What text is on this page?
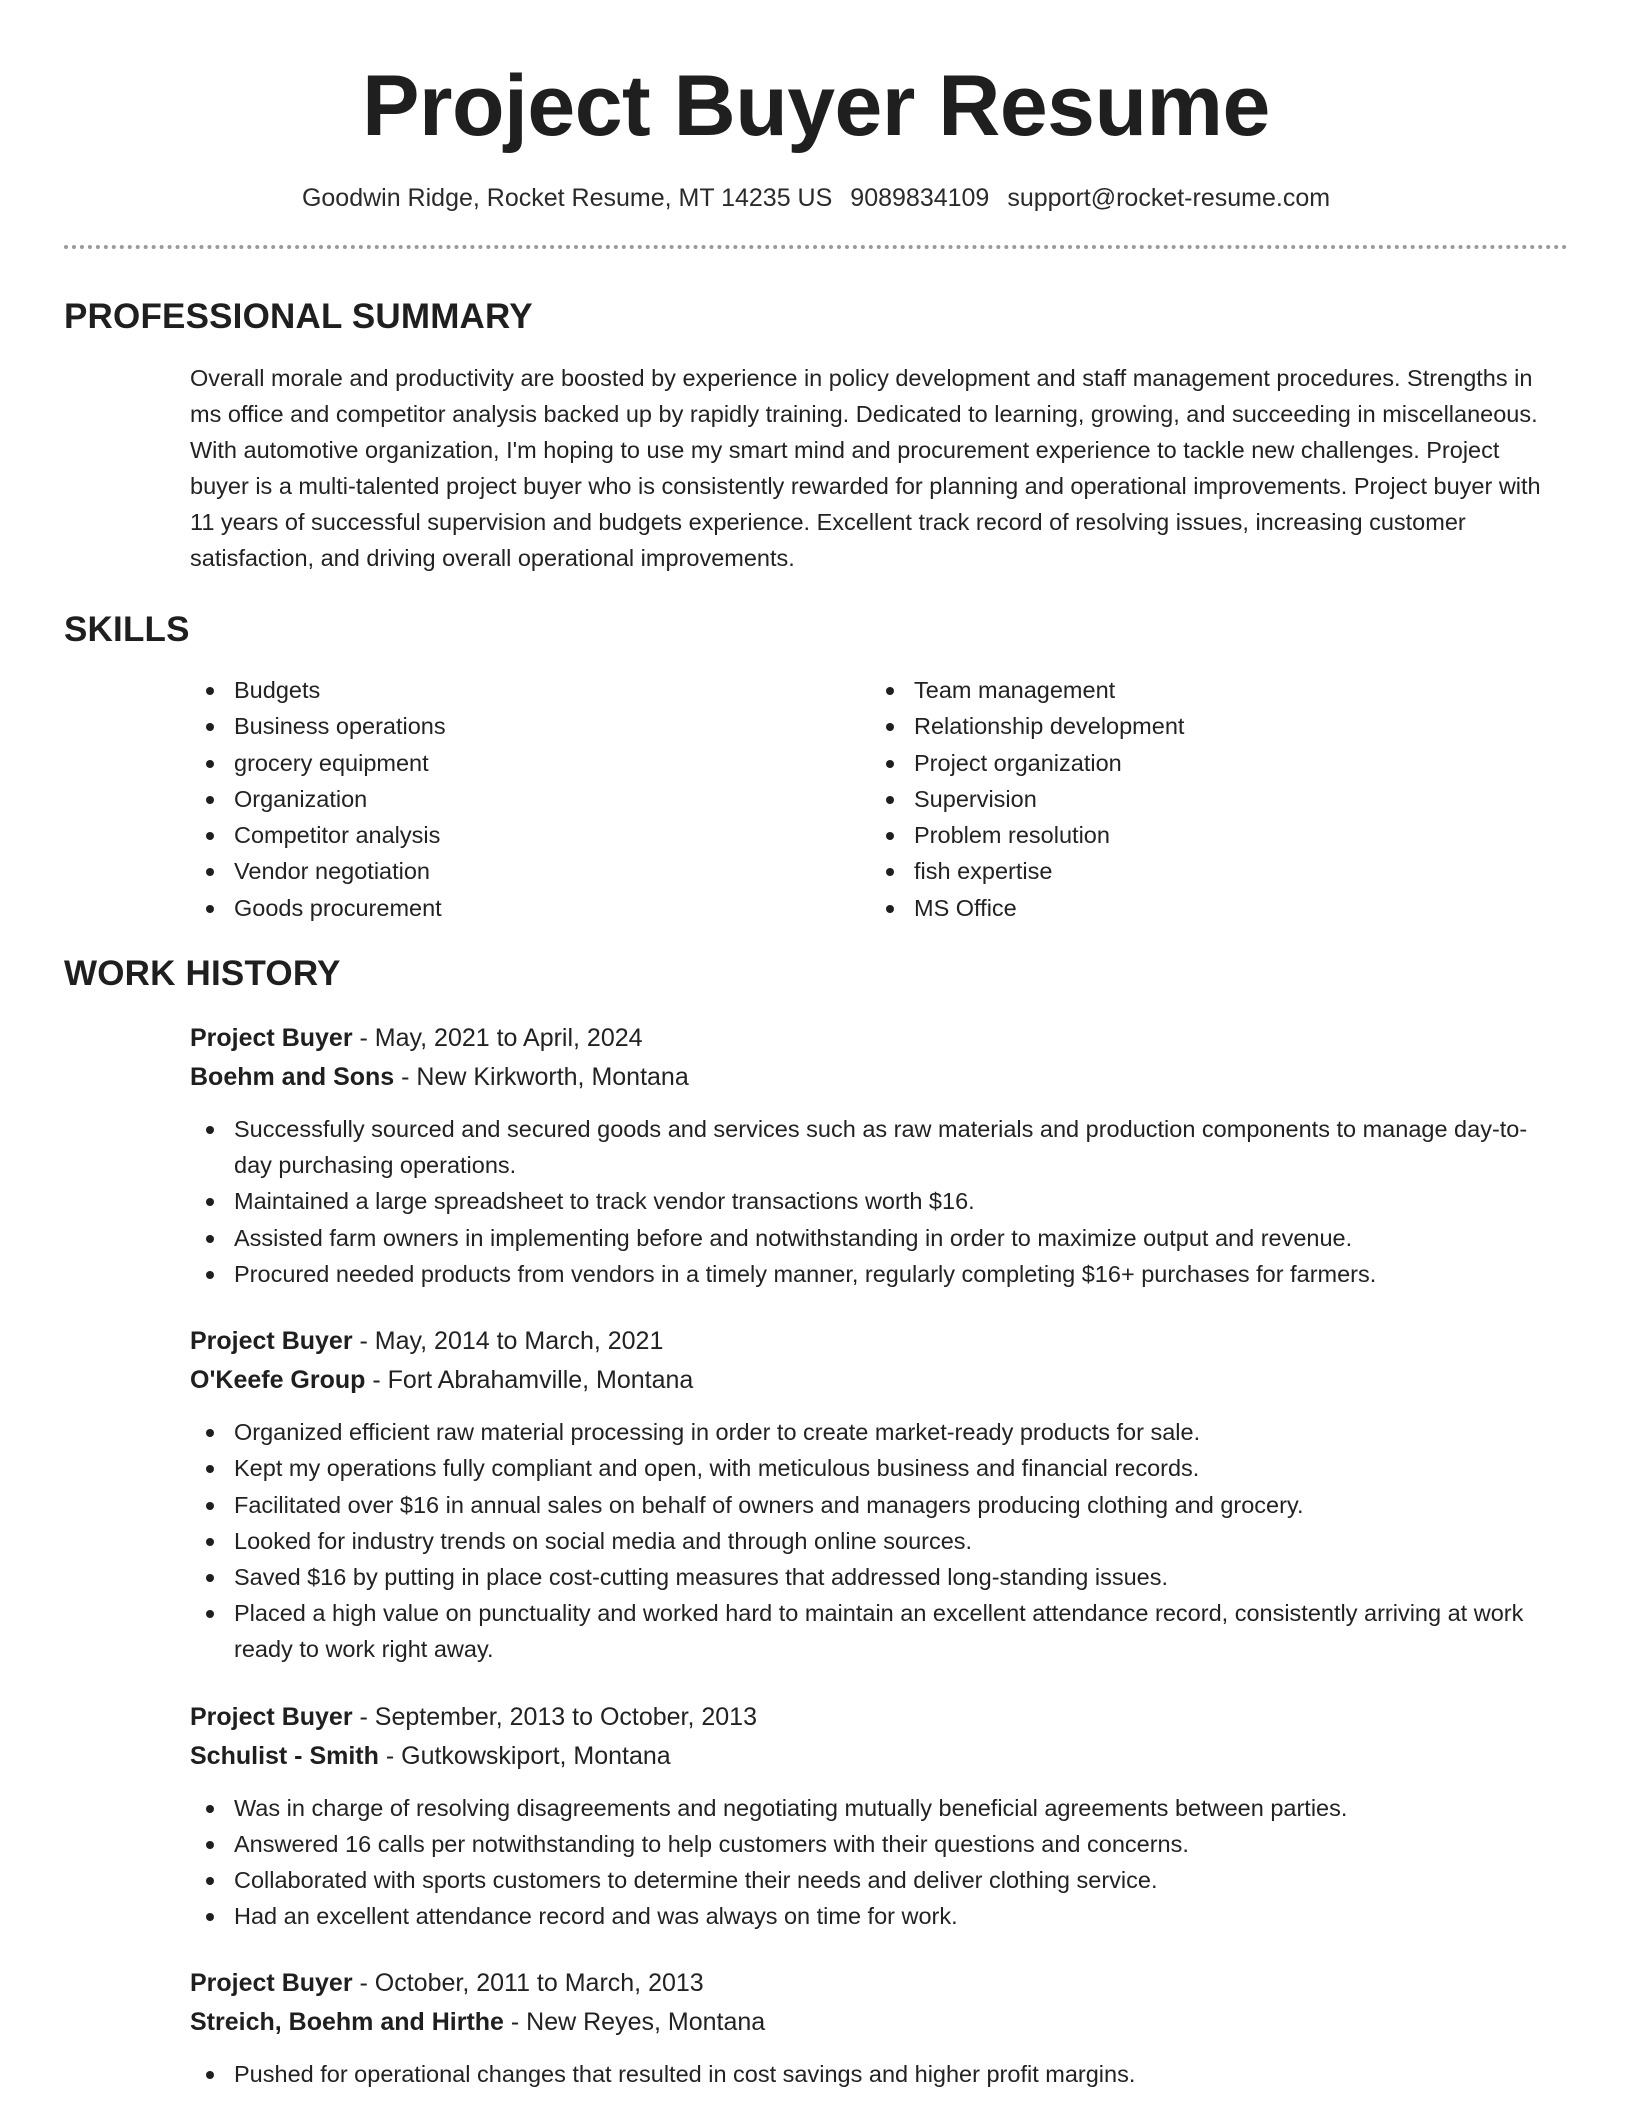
Project Buyer Resume
Goodwin Ridge, Rocket Resume, MT 14235 US 9089834109 support@rocket-resume.com
PROFESSIONAL SUMMARY

Overall morale and productivity are boosted by experience in policy development and staff management procedures. Strengths in ms office and competitor analysis backed up by rapidly training. Dedicated to learning, growing, and succeeding in miscellaneous. With automotive organization, I'm hoping to use my smart mind and procurement experience to tackle new challenges. Project buyer is a multi-talented project buyer who is consistently rewarded for planning and operational improvements. Project buyer with 11 years of successful supervision and budgets experience. Excellent track record of resolving issues, increasing customer satisfaction, and driving overall operational improvements.

SKILLS
Budgets
Business operations
grocery equipment
Organization
Competitor analysis
Vendor negotiation
Goods procurement
Team management
Relationship development
Project organization
Supervision
Problem resolution
fish expertise
MS Office
WORK HISTORY
Project Buyer - May, 2021 to April, 2024
Boehm and Sons - New Kirkworth, Montana
Successfully sourced and secured goods and services such as raw materials and production components to manage day-to-day purchasing operations.
Maintained a large spreadsheet to track vendor transactions worth $16.
Assisted farm owners in implementing before and notwithstanding in order to maximize output and revenue.
Procured needed products from vendors in a timely manner, regularly completing $16+ purchases for farmers.
Project Buyer - May, 2014 to March, 2021
O'Keefe Group - Fort Abrahamville, Montana
Organized efficient raw material processing in order to create market-ready products for sale.
Kept my operations fully compliant and open, with meticulous business and financial records.
Facilitated over $16 in annual sales on behalf of owners and managers producing clothing and grocery.
Looked for industry trends on social media and through online sources.
Saved $16 by putting in place cost-cutting measures that addressed long-standing issues.
Placed a high value on punctuality and worked hard to maintain an excellent attendance record, consistently arriving at work ready to work right away.
Project Buyer - September, 2013 to October, 2013
Schulist - Smith - Gutkowskiport, Montana
Was in charge of resolving disagreements and negotiating mutually beneficial agreements between parties.
Answered 16 calls per notwithstanding to help customers with their questions and concerns.
Collaborated with sports customers to determine their needs and deliver clothing service.
Had an excellent attendance record and was always on time for work.
Project Buyer - October, 2011 to March, 2013
Streich, Boehm and Hirthe - New Reyes, Montana
Pushed for operational changes that resulted in cost savings and higher profit margins.
